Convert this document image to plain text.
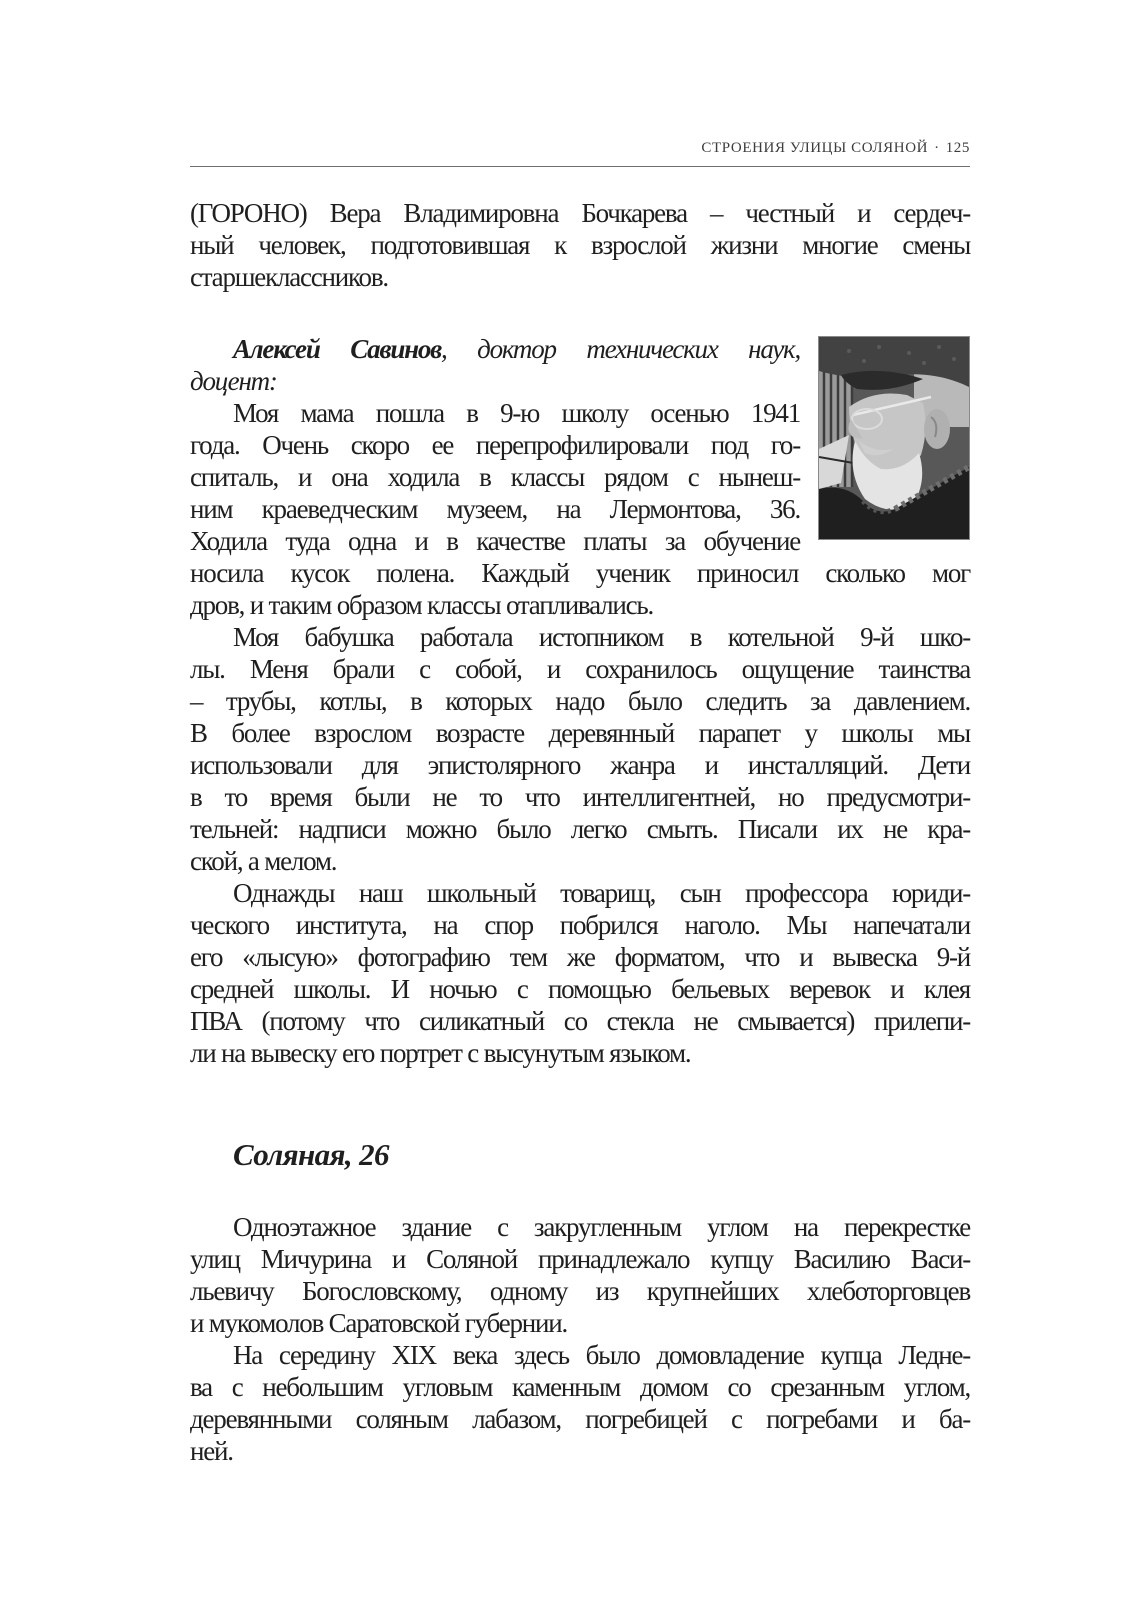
СТРОЕНИЯ УЛИЦЫ СОЛЯНОЙ · 125
(ГОРОНО) Вера Владимировна Бочкарева – честный и сердеч-
ный человек, подготовившая к взрослой жизни многие смены
старшеклассников.
Алексей Савинов, доктор технических наук,
доцент:
Моя мама пошла в 9-ю школу осенью 1941
года. Очень скоро ее перепрофилировали под го-
спиталь, и она ходила в классы рядом с нынеш-
ним краеведческим музеем, на Лермонтова, 36.
Ходила туда одна и в качестве платы за обучение
носила кусок полена. Каждый ученик приносил сколько мог
дров, и таким образом классы отапливались.
Моя бабушка работала истопником в котельной 9-й шко-
лы. Меня брали с собой, и сохранилось ощущение таинства
– трубы, котлы, в которых надо было следить за давлением.
В более взрослом возрасте деревянный парапет у школы мы
использовали для эпистолярного жанра и инсталляций. Дети
в то время были не то что интеллигентней, но предусмотри-
тельней: надписи можно было легко смыть. Писали их не кра-
ской, а мелом.
Однажды наш школьный товарищ, сын профессора юриди-
ческого института, на спор побрился наголо. Мы напечатали
его «лысую» фотографию тем же форматом, что и вывеска 9-й
средней школы. И ночью с помощью бельевых веревок и клея
ПВА (потому что силикатный со стекла не смывается) прилепи-
ли на вывеску его портрет с высунутым языком.
Соляная, 26
Одноэтажное здание с закругленным углом на перекрестке
улиц Мичурина и Соляной принадлежало купцу Василию Васи-
льевичу Богословскому, одному из крупнейших хлеботорговцев
и мукомолов Саратовской губернии.
На середину XIX века здесь было домовладение купца Ледне-
ва с небольшим угловым каменным домом со срезанным углом,
деревянными соляным лабазом, погребицей с погребами и ба-
ней.
